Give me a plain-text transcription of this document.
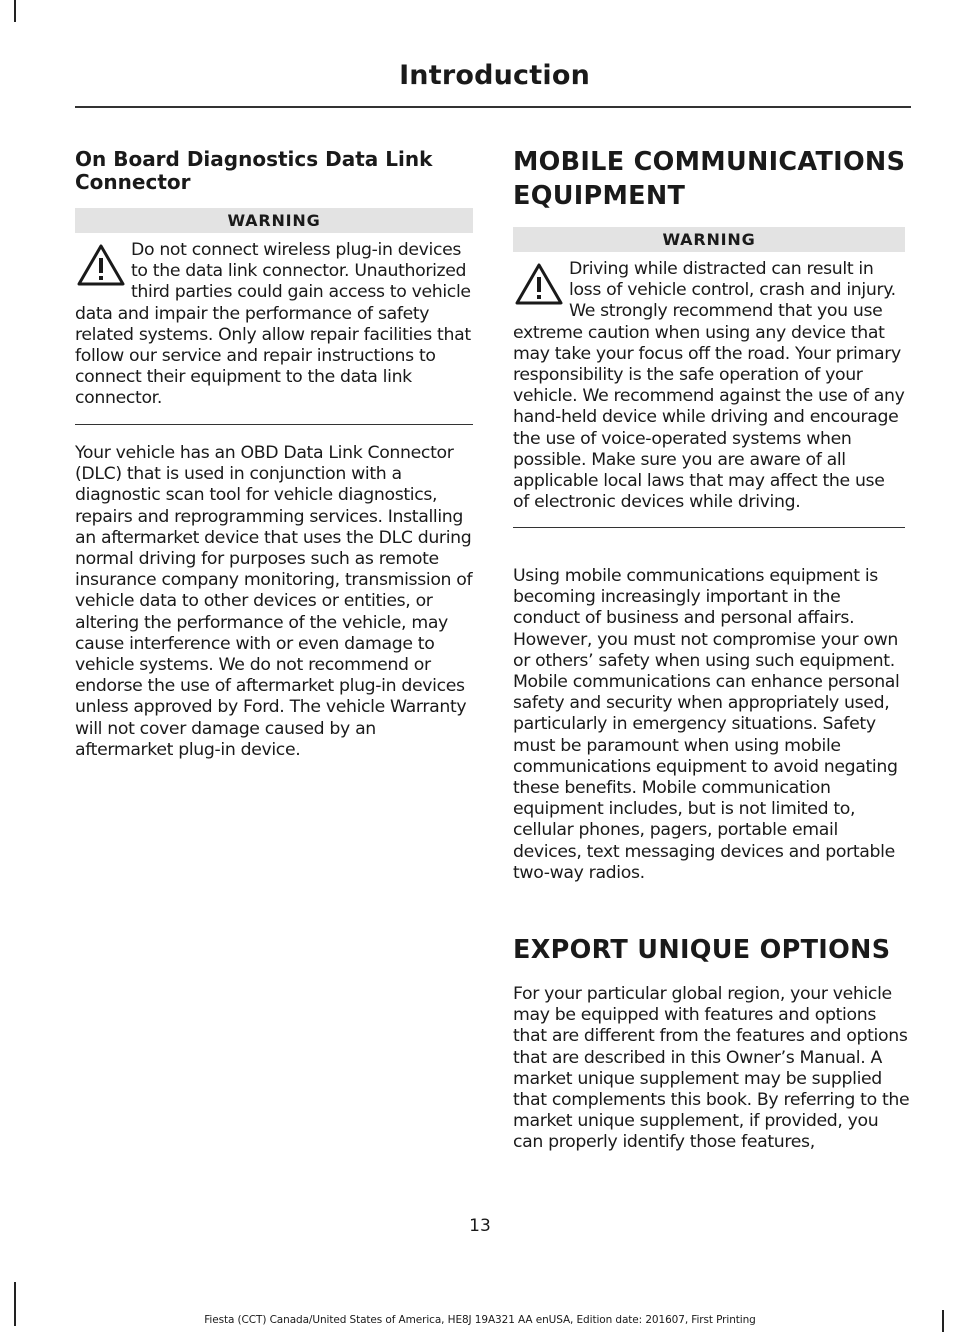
Introduction
On Board Diagnostics Data Link Connector
WARNING
Do not connect wireless plug-in devices to the data link connector. Unauthorized third parties could gain access to vehicle data and impair the performance of safety related systems. Only allow repair facilities that follow our service and repair instructions to connect their equipment to the data link connector.

Your vehicle has an OBD Data Link Connector (DLC) that is used in conjunction with a diagnostic scan tool for vehicle diagnostics, repairs and reprogramming services. Installing an aftermarket device that uses the DLC during normal driving for purposes such as remote insurance company monitoring, transmission of vehicle data to other devices or entities, or altering the performance of the vehicle, may cause interference with or even damage to vehicle systems. We do not recommend or endorse the use of aftermarket plug-in devices unless approved by Ford. The vehicle Warranty will not cover damage caused by an aftermarket plug-in device.

MOBILE COMMUNICATIONS
EQUIPMENT
WARNING
Driving while distracted can result in loss of vehicle control, crash and injury. We strongly recommend that you use extreme caution when using any device that may take your focus off the road. Your primary responsibility is the safe operation of your vehicle. We recommend against the use of any hand-held device while driving and encourage the use of voice-operated systems when possible. Make sure you are aware of all applicable local laws that may affect the use of electronic devices while driving.

Using mobile communications equipment is becoming increasingly important in the conduct of business and personal affairs. However, you must not compromise your own or others’ safety when using such equipment. Mobile communications can enhance personal safety and security when appropriately used, particularly in emergency situations. Safety must be paramount when using mobile communications equipment to avoid negating these benefits. Mobile communication equipment includes, but is not limited to, cellular phones, pagers, portable email devices, text messaging devices and portable two-way radios.

EXPORT UNIQUE OPTIONS

For your particular global region, your vehicle may be equipped with features and options that are different from the features and options that are described in this Owner’s Manual. A market unique supplement may be supplied that complements this book. By referring to the market unique supplement, if provided, you can properly identify those features,

13
Fiesta (CCT) Canada/United States of America, HE8J 19A321 AA enUSA, Edition date: 201607, First Printing
